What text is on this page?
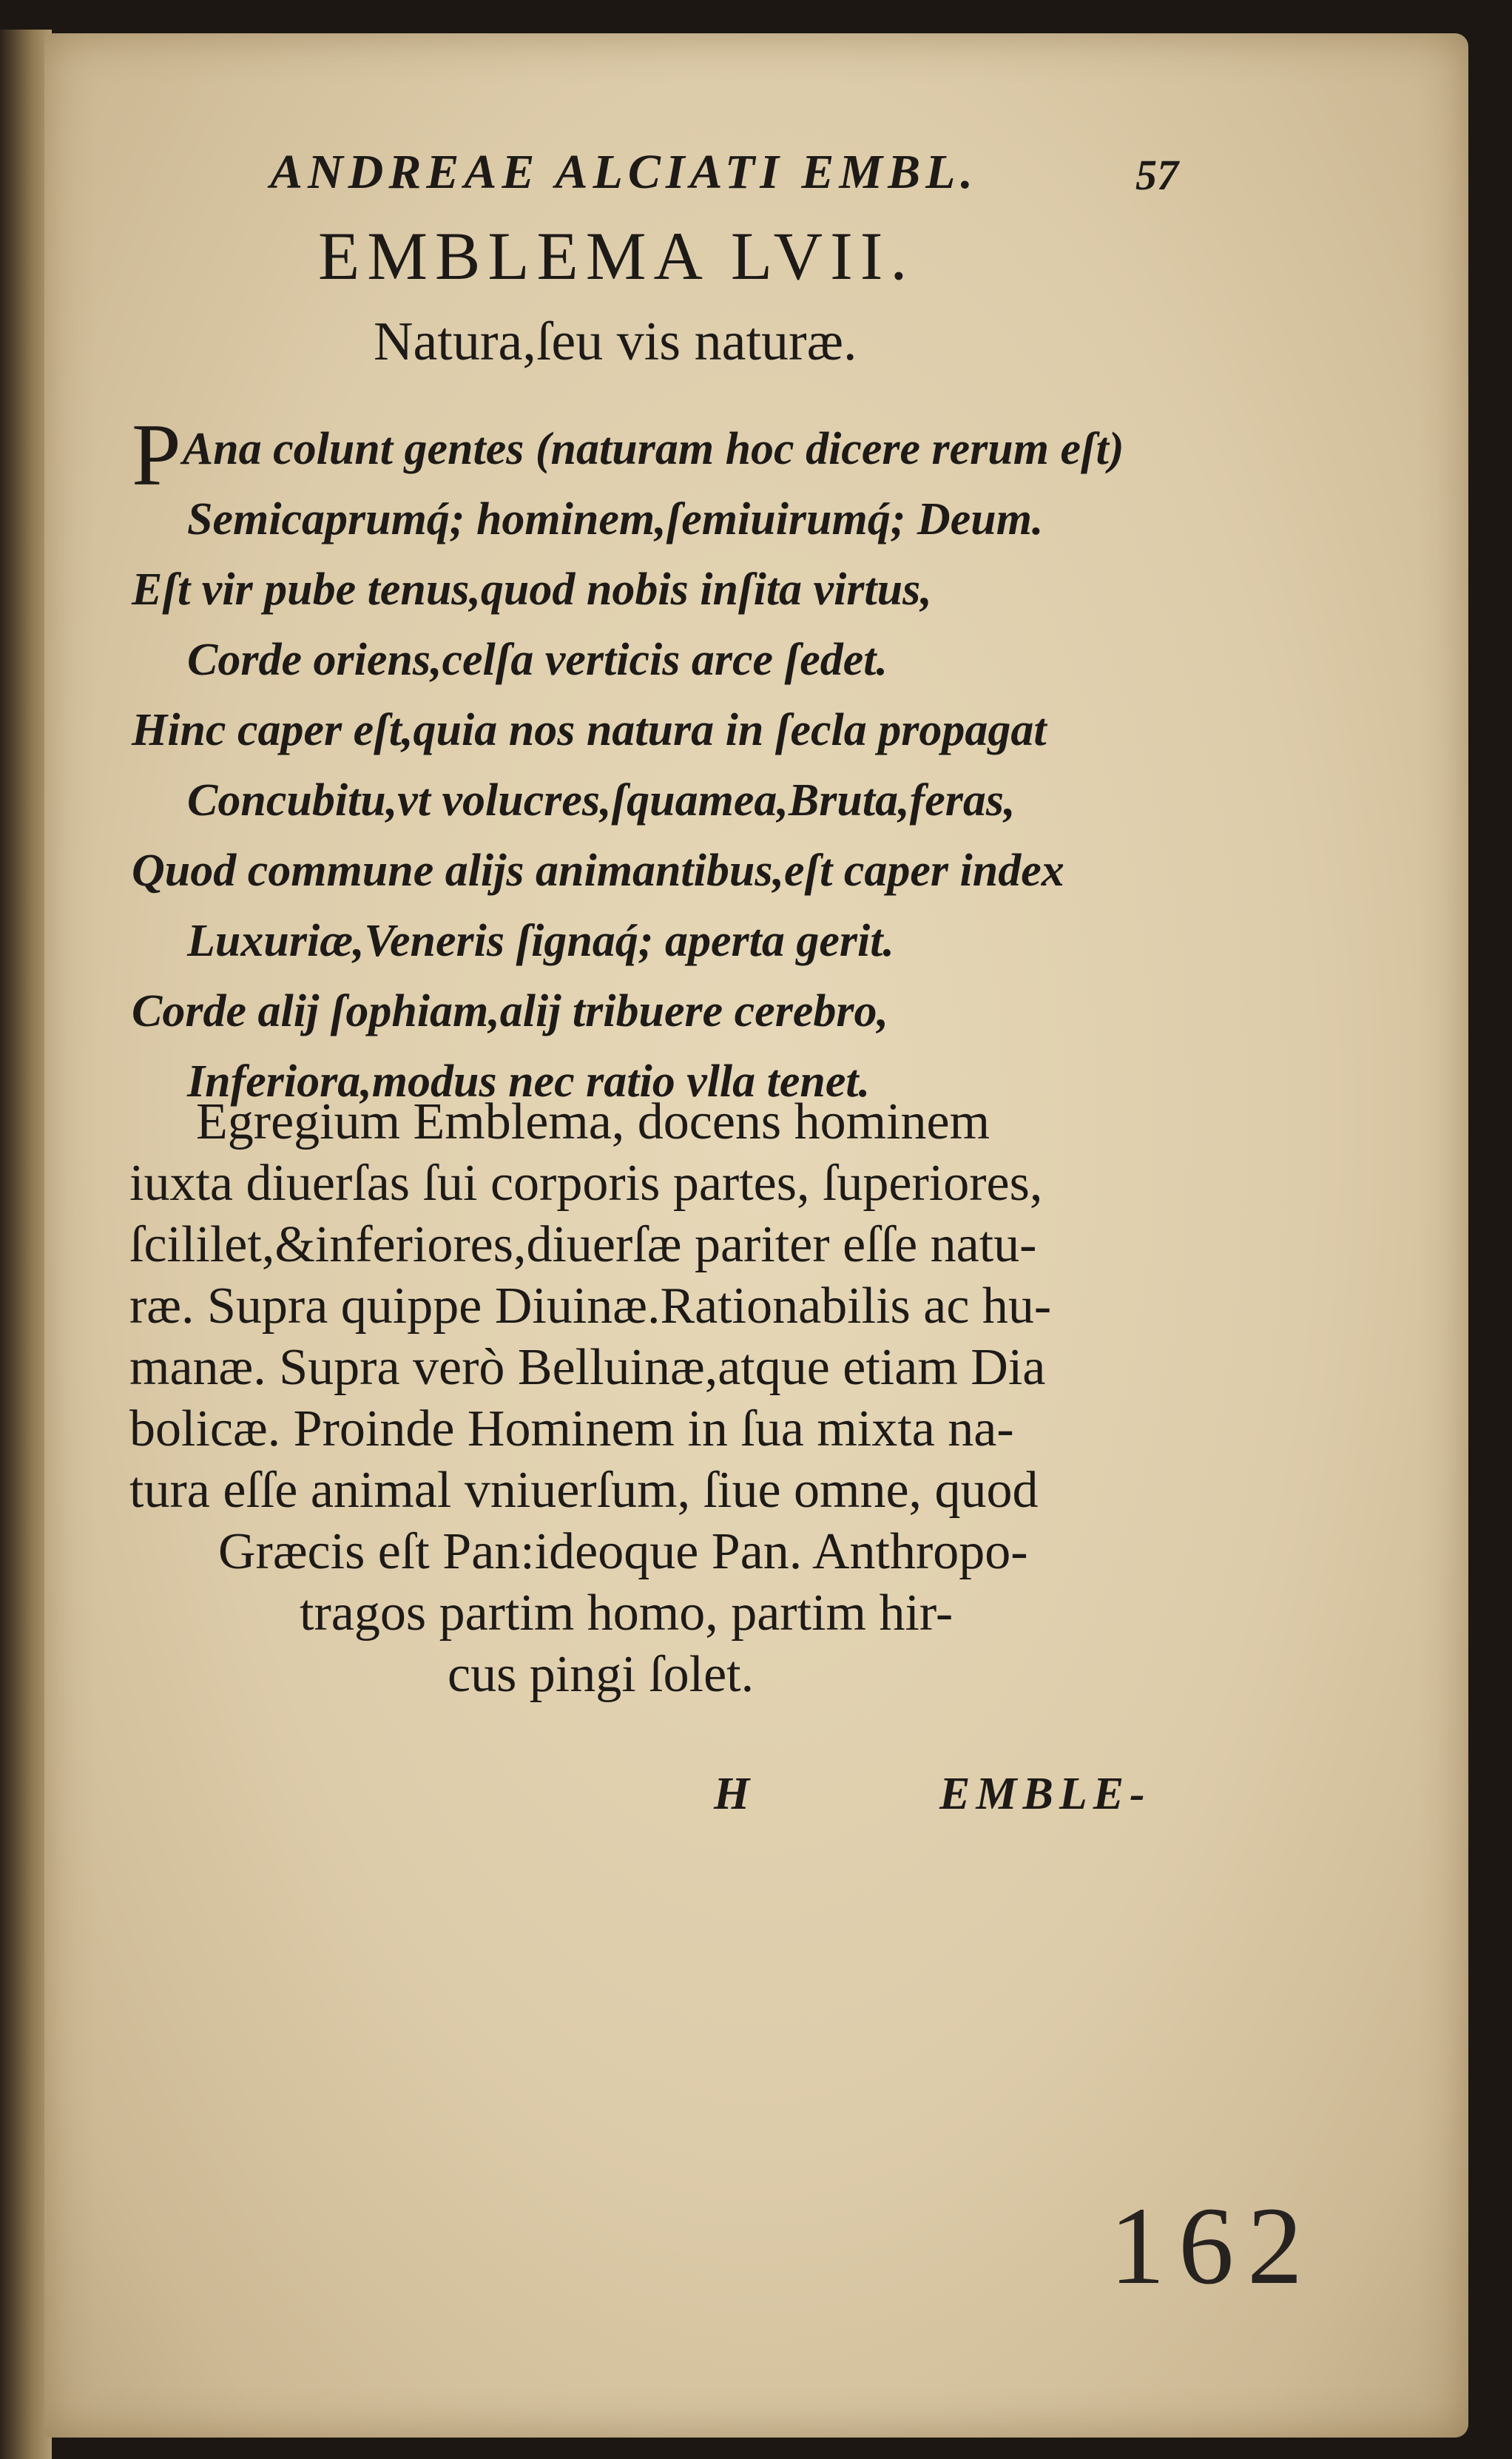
ANDREAE ALCIATI EMBL.	57
EMBLEMA LVII.
Natura,ſeu vis naturæ.
PAna colunt gentes (naturam hoc dicere rerum eſt)
Semicaprumq́; hominem,ſemiuirumq́; Deum.
Eſt vir pube tenus,quod nobis inſita virtus,
Corde oriens,celſa verticis arce ſedet.
Hinc caper eſt,quia nos natura in ſecla propagat
Concubitu,vt volucres,ſquamea,Bruta,feras,
Quod commune alijs animantibus,eſt caper index
Luxuriæ,Veneris ſignaq́; aperta gerit.
Corde alij ſophiam,alij tribuere cerebro,
Inferiora,modus nec ratio vlla tenet.
Egregium Emblema, docens hominem
iuxta diuerſas ſui corporis partes, ſuperiores,
ſcililet,&inferiores,diuerſæ pariter eſſe natu-
ræ. Supra quippe Diuinæ.Rationabilis ac hu-
manæ. Supra verò Belluinæ,atque etiam Dia
bolicæ. Proinde Hominem in ſua mixta na-
tura eſſe animal vniuerſum, ſiue omne, quod
Græcis eſt Pan:ideoque Pan. Anthropo-
tragos partim homo, partim hir-
cus pingi ſolet.
H	EMBLE-
162
